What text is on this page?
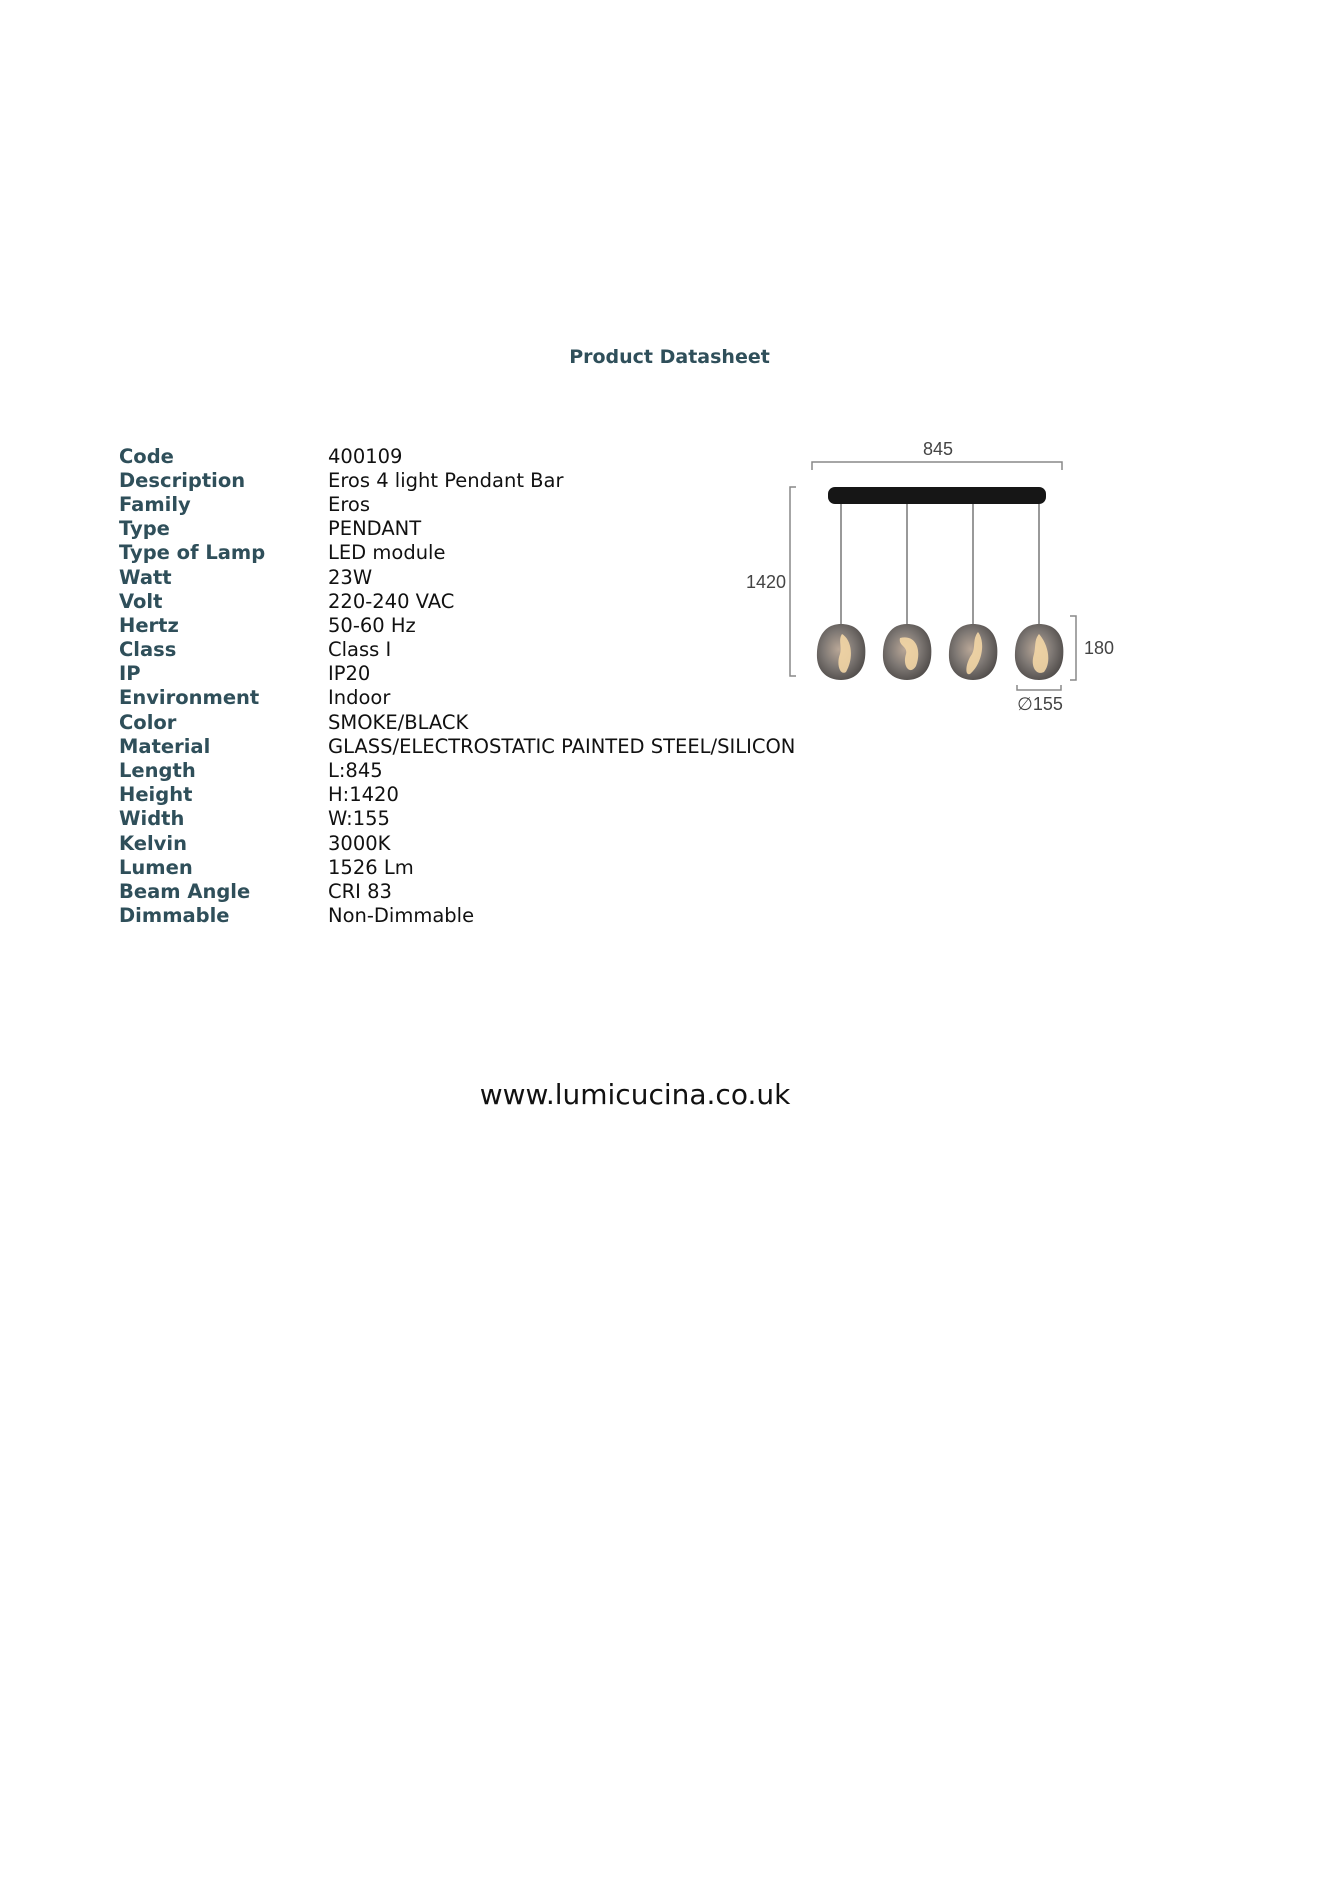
Product Datasheet
Code	400109
Description	Eros 4 light Pendant Bar
Family	Eros
Type	PENDANT
Type of Lamp	LED module
Watt	23W
Volt	220-240 VAC
Hertz	50-60 Hz
Class	Class I
IP	IP20
Environment	Indoor
Color	SMOKE/BLACK
Material	GLASS/ELECTROSTATIC PAINTED STEEL/SILICON
Length	L:845
Height	H:1420
Width	W:155
Kelvin	3000K
Lumen	1526 Lm
Beam Angle	CRI 83
Dimmable	Non-Dimmable
845
1420
180
∅155
www.lumicucina.co.uk
